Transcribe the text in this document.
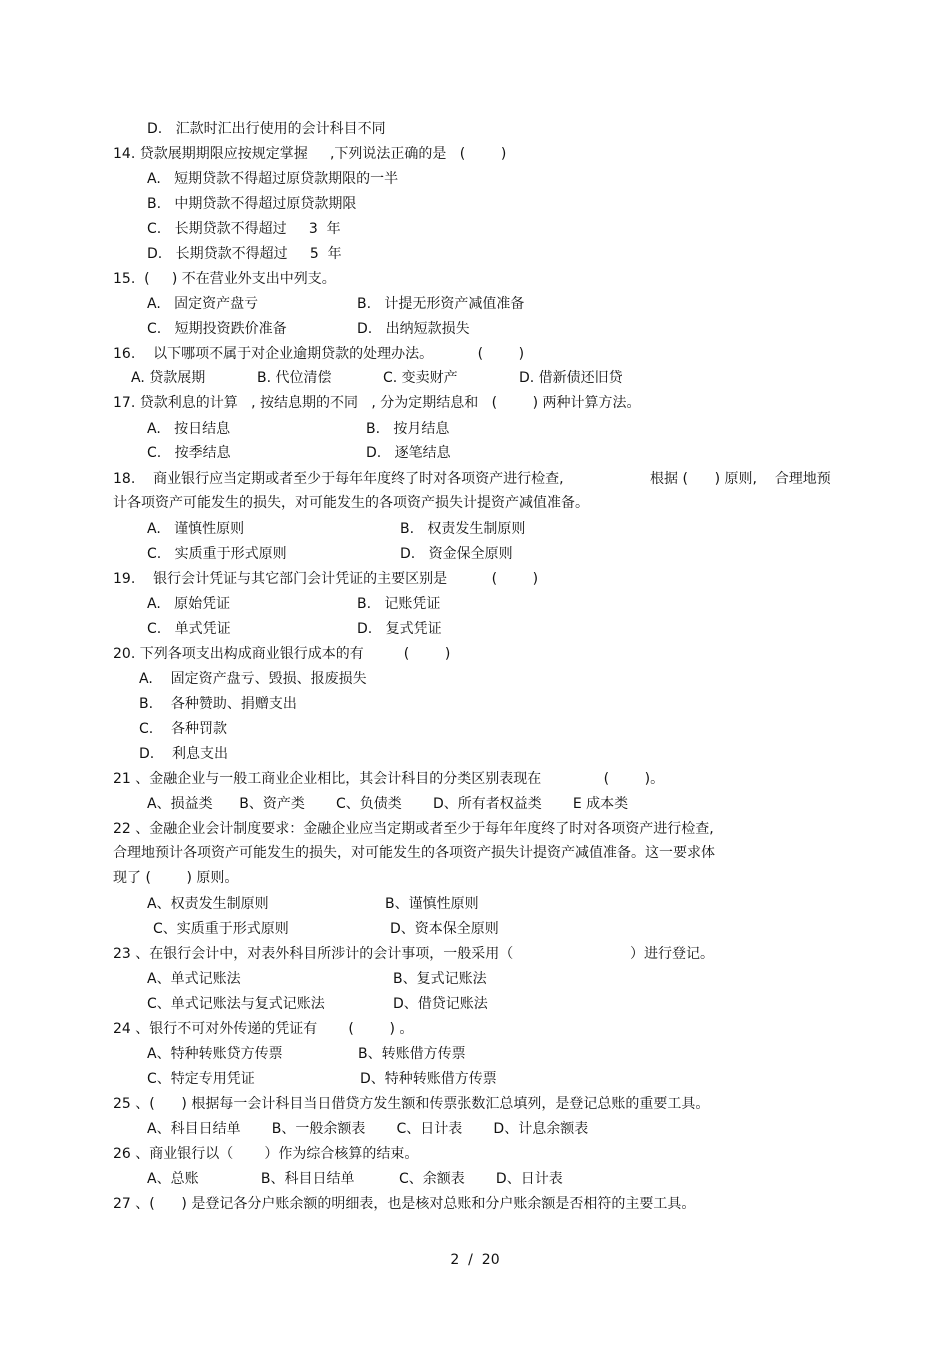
D.   汇款时汇出行使用的会计科目不同
14. 贷款展期期限应按规定掌握     ,下列说法正确的是   (        )
A.   短期贷款不得超过原贷款期限的一半
B.   中期贷款不得超过原贷款期限
C.   长期贷款不得超过     3  年
D.   长期贷款不得超过     5  年
15.  (     ) 不在营业外支出中列支。
A.   固定资产盘亏	B.   计提无形资产减值准备
C.   短期投资跌价准备	D.   出纳短款损失
16.    以下哪项不属于对企业逾期贷款的处理办法。          (        )
A. 贷款展期	B. 代位清偿	C. 变卖财产	D. 借新债还旧贷
17. 贷款利息的计算   , 按结息期的不同   , 分为定期结息和   (        ) 两种计算方法。
A.   按日结息	B.   按月结息
C.   按季结息	D.   逐笔结息
18.    商业银行应当定期或者至少于每年年度终了时对各项资产进行检查,	根据 (      ) 原则,    合理地预
计各项资产可能发生的损失，对可能发生的各项资产损失计提资产减值准备。
A.   谨慎性原则	B.   权责发生制原则
C.   实质重于形式原则	D.   资金保全原则
19.    银行会计凭证与其它部门会计凭证的主要区别是          (        )
A.   原始凭证	B.   记账凭证
C.   单式凭证	D.   复式凭证
20. 下列各项支出构成商业银行成本的有         (        )
A.    固定资产盘亏、毁损、报废损失
B.    各种赞助、捐赠支出
C.    各种罚款
D.    利息支出
21 、金融企业与一般工商业企业相比，其会计科目的分类区别表现在              (        )。
A、损益类      B、资产类       C、负债类       D、所有者权益类       E 成本类
22 、金融企业会计制度要求：金融企业应当定期或者至少于每年年度终了时对各项资产进行检查,
合理地预计各项资产可能发生的损失，对可能发生的各项资产损失计提资产减值准备。这一要求体
现了 (        ) 原则。
A、权责发生制原则	B、谨慎性原则
C、实质重于形式原则	D、资本保全原则
23 、在银行会计中，对表外科目所涉计的会计事项，一般采用（	）进行登记。
A、单式记账法	B、复式记账法
C、单式记账法与复式记账法	D、借贷记账法
24 、银行不可对外传递的凭证有       (        ) 。
A、特种转账贷方传票	B、转账借方传票
C、特定专用凭证	D、特种转账借方传票
25 、(      ) 根据每一会计科目当日借贷方发生额和传票张数汇总填列，是登记总账的重要工具。
A、科目日结单       B、一般余额表       C、日计表       D、计息余额表
26 、商业银行以（       ）作为综合核算的结束。
A、总账              B、科目日结单          C、余额表       D、日计表
27 、(      ) 是登记各分户账余额的明细表，也是核对总账和分户账余额是否相符的主要工具。
2  /  20
